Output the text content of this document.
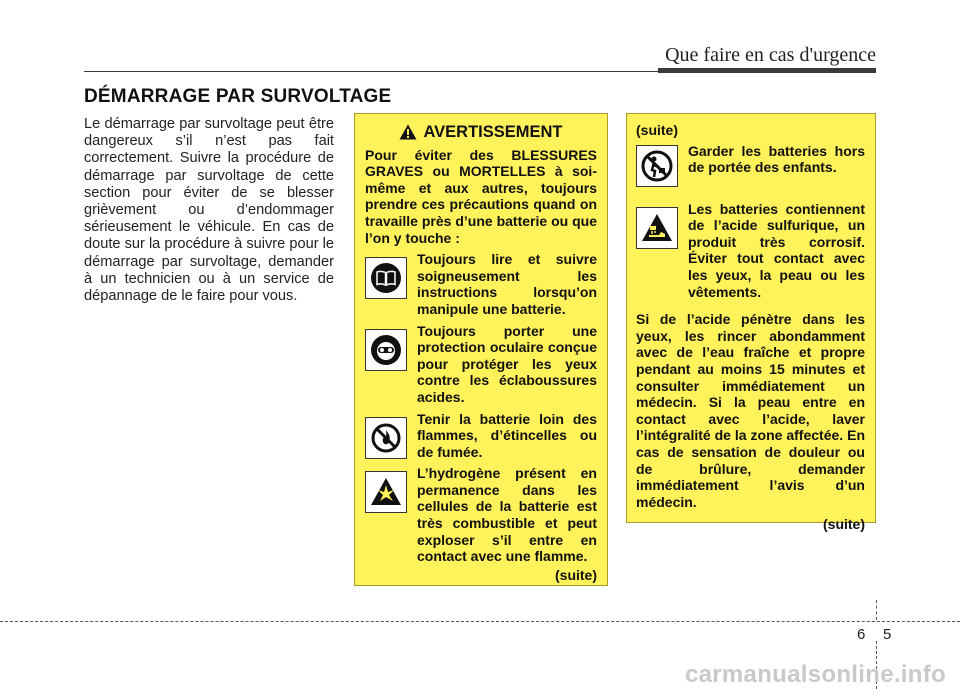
Que faire en cas d'urgence
DÉMARRAGE PAR SURVOLTAGE

Le démarrage par survoltage peut être dangereux s’il n’est pas fait correctement. Suivre la procédure de démarrage par survoltage de cette section pour éviter de se blesser grièvement ou d’endommager sérieusement le véhicule. En cas de doute sur la procédure à suivre pour le démarrage par survoltage, demander à un technicien ou à un service de dépannage de le faire pour vous.

AVERTISSEMENT

Pour éviter des BLESSURES GRAVES ou MORTELLES à soi-même et aux autres, toujours prendre ces précautions quand on travaille près d’une batterie ou que l’on y touche :

Toujours lire et suivre soigneusement les instructions lorsqu’on manipule une batterie.
Toujours porter une protection oculaire conçue pour protéger les yeux contre les éclaboussures acides.
Tenir la batterie loin des flammes, d’étincelles ou de fumée.
L’hydrogène présent en permanence dans les cellules de la batterie est très combustible et peut exploser s’il entre en contact avec une flamme.
(suite)
(suite)
Garder les batteries hors de portée des enfants.
Les batteries contiennent de l’acide sulfurique, un produit très corrosif. Éviter tout contact avec les yeux, la peau ou les vêtements.

Si de l’acide pénètre dans les yeux, les rincer abondamment avec de l’eau fraîche et propre pendant au moins 15 minutes et consulter immédiatement un médecin. Si la peau entre en contact avec l’acide, laver l’intégralité de la zone affectée. En cas de sensation de douleur ou de brûlure, demander immédiatement l’avis d’un médecin.

(suite)
6 5
carmanualsonline.info
